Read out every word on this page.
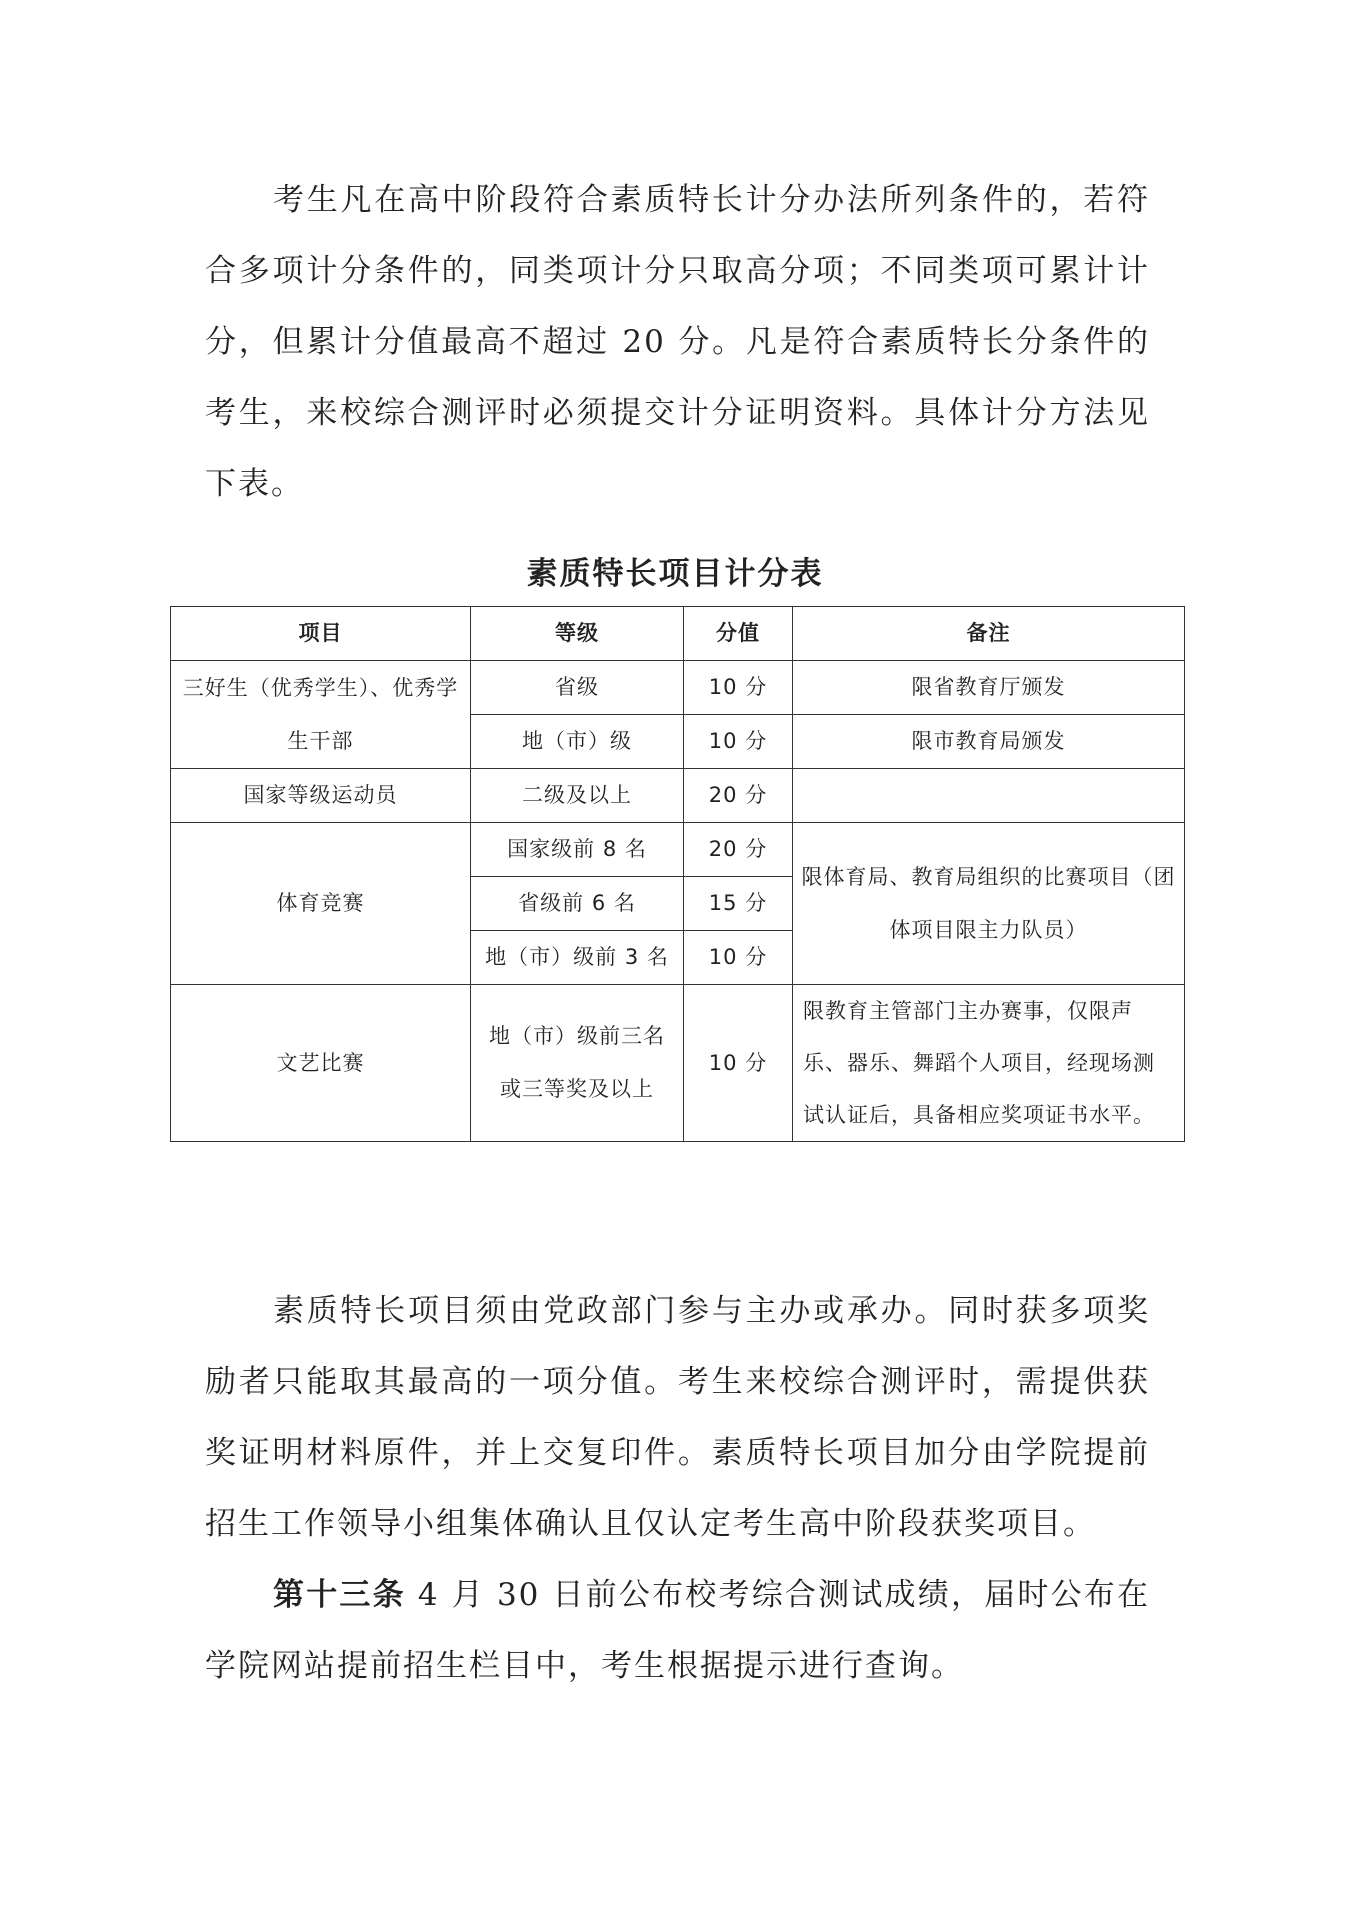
考生凡在高中阶段符合素质特长计分办法所列条件的，若符合多项计分条件的，同类项计分只取高分项；不同类项可累计计分，但累计分值最高不超过 20 分。凡是符合素质特长分条件的考生，来校综合测评时必须提交计分证明资料。具体计分方法见下表。

素质特长项目计分表
项目	等级	分值	备注
三好生（优秀学生）、优秀学生干部	省级	10 分	限省教育厅颁发
	地（市）级	10 分	限市教育局颁发
国家等级运动员	二级及以上	20 分	
体育竞赛	国家级前 8 名	20 分	限体育局、教育局组织的比赛项目（团体项目限主力队员）
	省级前 6 名	15 分	
	地（市）级前 3 名	10 分	
文艺比赛	地（市）级前三名或三等奖及以上	10 分	限教育主管部门主办赛事，仅限声乐、器乐、舞蹈个人项目，经现场测试认证后，具备相应奖项证书水平。

素质特长项目须由党政部门参与主办或承办。同时获多项奖励者只能取其最高的一项分值。考生来校综合测评时，需提供获奖证明材料原件，并上交复印件。素质特长项目加分由学院提前招生工作领导小组集体确认且仅认定考生高中阶段获奖项目。

第十三条 4 月 30 日前公布校考综合测试成绩，届时公布在学院网站提前招生栏目中，考生根据提示进行查询。
